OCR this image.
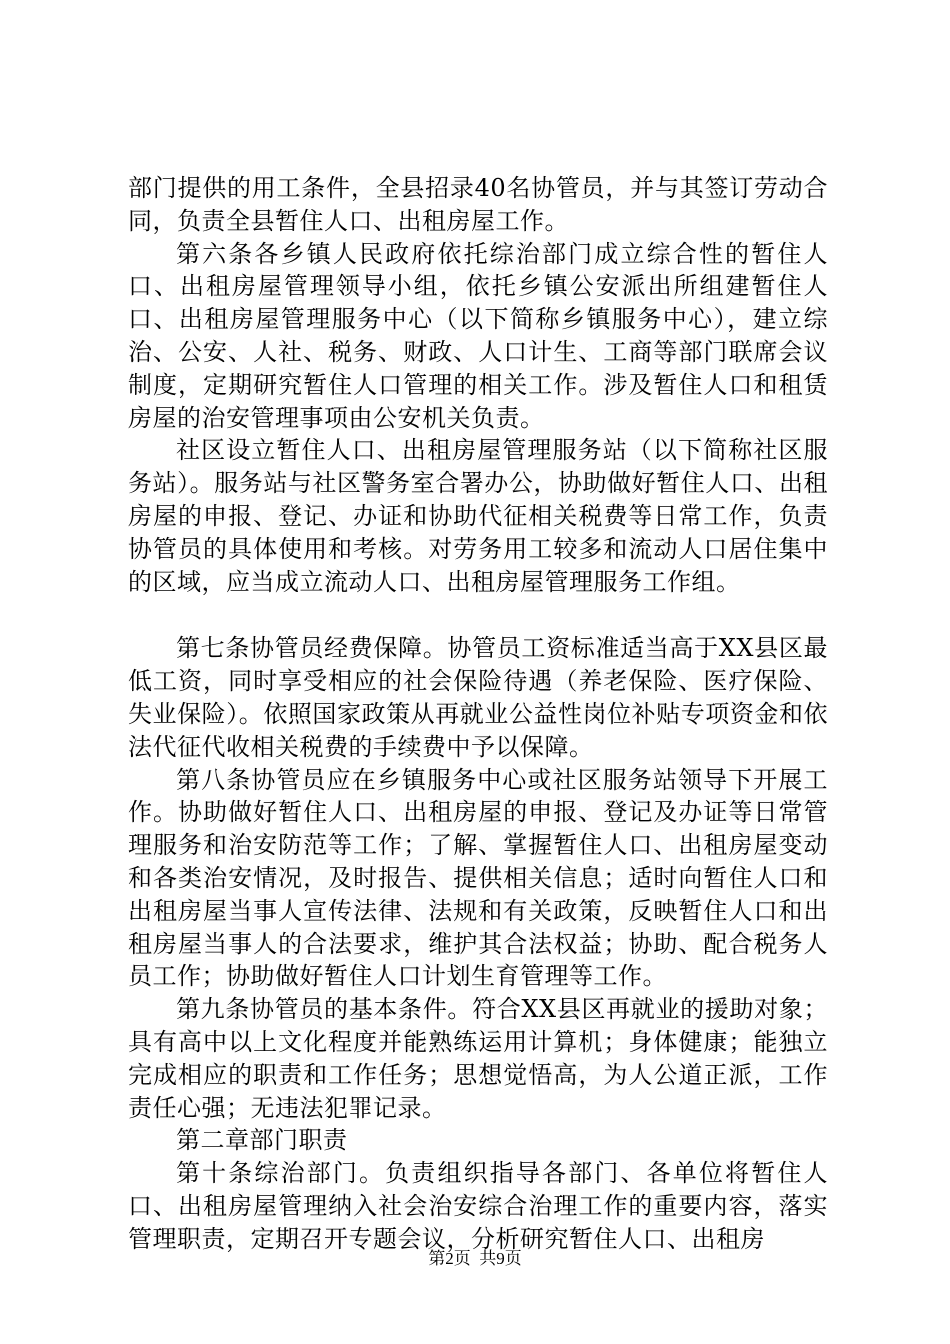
部门提供的用工条件，全县招录40名协管员，并与其签订劳动合同，负责全县暂住人口、出租房屋工作。

第六条各乡镇人民政府依托综治部门成立综合性的暂住人口、出租房屋管理领导小组，依托乡镇公安派出所组建暂住人口、出租房屋管理服务中心（以下简称乡镇服务中心），建立综治、公安、人社、税务、财政、人口计生、工商等部门联席会议制度，定期研究暂住人口管理的相关工作。涉及暂住人口和租赁房屋的治安管理事项由公安机关负责。

社区设立暂住人口、出租房屋管理服务站（以下简称社区服务站）。服务站与社区警务室合署办公，协助做好暂住人口、出租房屋的申报、登记、办证和协助代征相关税费等日常工作，负责协管员的具体使用和考核。对劳务用工较多和流动人口居住集中的区域，应当成立流动人口、出租房屋管理服务工作组。

第七条协管员经费保障。协管员工资标准适当高于XX县区最低工资，同时享受相应的社会保险待遇（养老保险、医疗保险、失业保险）。依照国家政策从再就业公益性岗位补贴专项资金和依法代征代收相关税费的手续费中予以保障。

第八条协管员应在乡镇服务中心或社区服务站领导下开展工作。协助做好暂住人口、出租房屋的申报、登记及办证等日常管理服务和治安防范等工作；了解、掌握暂住人口、出租房屋变动和各类治安情况，及时报告、提供相关信息；适时向暂住人口和出租房屋当事人宣传法律、法规和有关政策，反映暂住人口和出租房屋当事人的合法要求，维护其合法权益；协助、配合税务人员工作；协助做好暂住人口计划生育管理等工作。

第九条协管员的基本条件。符合XX县区再就业的援助对象；具有高中以上文化程度并能熟练运用计算机；身体健康；能独立完成相应的职责和工作任务；思想觉悟高，为人公道正派，工作责任心强；无违法犯罪记录。

第二章部门职责

第十条综治部门。负责组织指导各部门、各单位将暂住人口、出租房屋管理纳入社会治安综合治理工作的重要内容，落实管理职责，定期召开专题会议，分析研究暂住人口、出租房

第2页 共9页
